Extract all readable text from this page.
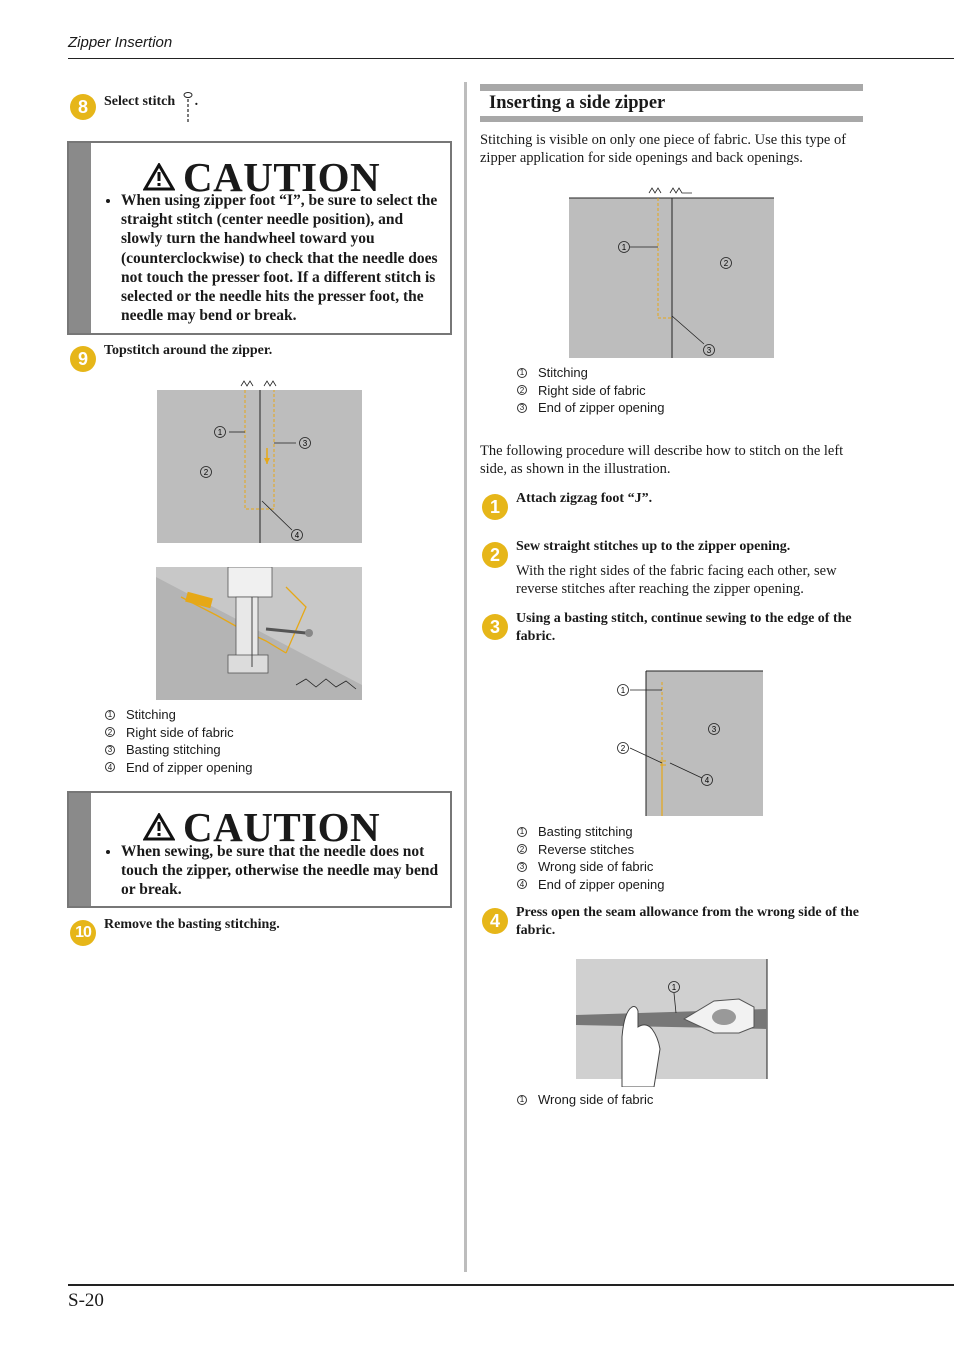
Zipper Insertion
8	Select stitch .
CAUTION
• When using zipper foot “I”, be sure to select the straight stitch (center needle position), and slowly turn the handwheel toward you (counterclockwise) to check that the needle does not touch the presser foot. If a different stitch is selected or the needle hits the presser foot, the needle may bend or break.
9	Topstitch around the zipper.
1
2
3
4
1 Stitching
2 Right side of fabric
3 Basting stitching
4 End of zipper opening
CAUTION
• When sewing, be sure that the needle does not touch the zipper, otherwise the needle may bend or break.
10 Remove the basting stitching.
Inserting a side zipper
Stitching is visible on only one piece of fabric. Use this type of zipper application for side openings and back openings.
1
2
3
1 Stitching
2 Right side of fabric
3 End of zipper opening
The following procedure will describe how to stitch on the left side, as shown in the illustration.
1	Attach zigzag foot “J”.
2	Sew straight stitches up to the zipper opening.
With the right sides of the fabric facing each other, sew reverse stitches after reaching the zipper opening.
3	Using a basting stitch, continue sewing to the edge of the fabric.
1
2
3
4
1 Basting stitching
2 Reverse stitches
3 Wrong side of fabric
4 End of zipper opening
4	Press open the seam allowance from the wrong side of the fabric.
1
1 Wrong side of fabric
S-20
